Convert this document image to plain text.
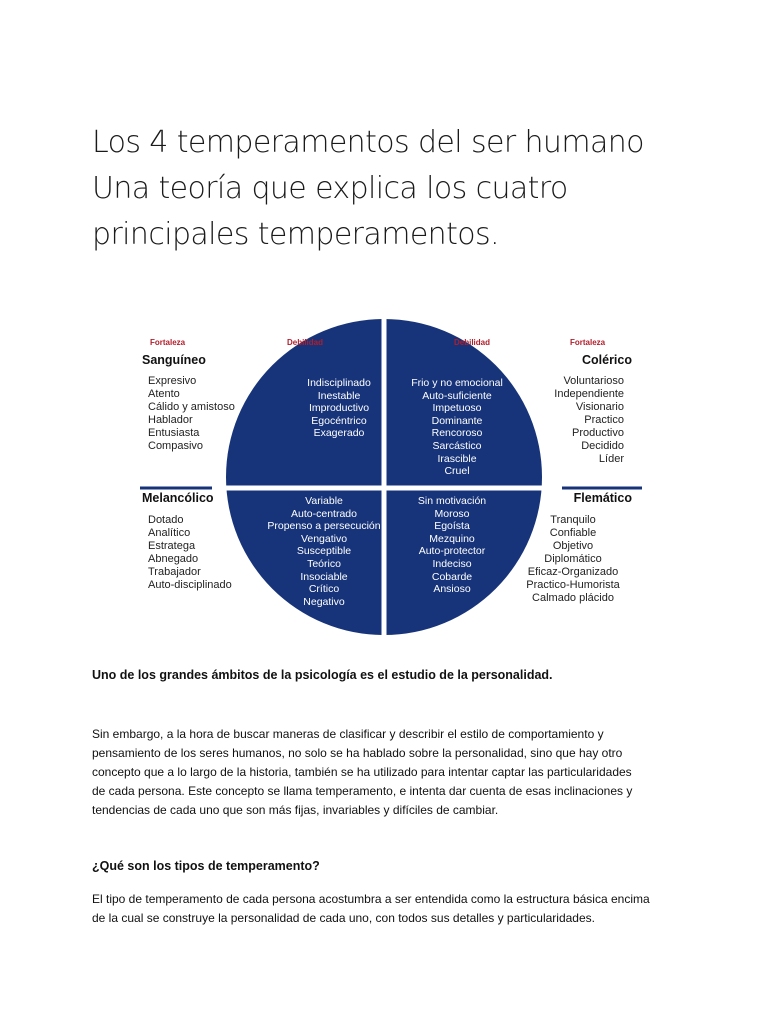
Los 4 temperamentos del ser humano
Una teoría que explica los cuatro
principales temperamentos.
Fortaleza	Debilidad	Debilidad	Fortaleza
Sanguíneo	Colérico
Melancólico	Flemático
Expresivo
Atento
Cálido y amistoso
Hablador
Entusiasta
Compasivo
Indisciplinado
Inestable
Improductivo
Egocéntrico
Exagerado
Frio y no emocional
Auto-suficiente
Impetuoso
Dominante
Rencoroso
Sarcástico
Irascible
Cruel
Voluntarioso
Independiente
Visionario
Practico
Productivo
Decidido
Líder
Dotado
Analítico
Estratega
Abnegado
Trabajador
Auto-disciplinado
Variable
Auto-centrado
Propenso a persecución
Vengativo
Susceptible
Teórico
Insociable
Crítico
Negativo
Sin motivación
Moroso
Egoísta
Mezquino
Auto-protector
Indeciso
Cobarde
Ansioso
Tranquilo
Confiable
Objetivo
Diplomático
Eficaz-Organizado
Practico-Humorista
Calmado plácido
Uno de los grandes ámbitos de la psicología es el estudio de la personalidad.
Sin embargo, a la hora de buscar maneras de clasificar y describir el estilo de comportamiento y
pensamiento de los seres humanos, no solo se ha hablado sobre la personalidad, sino que hay otro
concepto que a lo largo de la historia, también se ha utilizado para intentar captar las particularidades
de cada persona. Este concepto se llama temperamento, e intenta dar cuenta de esas inclinaciones y
tendencias de cada uno que son más fijas, invariables y difíciles de cambiar.
¿Qué son los tipos de temperamento?
El tipo de temperamento de cada persona acostumbra a ser entendida como la estructura básica encima
de la cual se construye la personalidad de cada uno, con todos sus detalles y particularidades.
